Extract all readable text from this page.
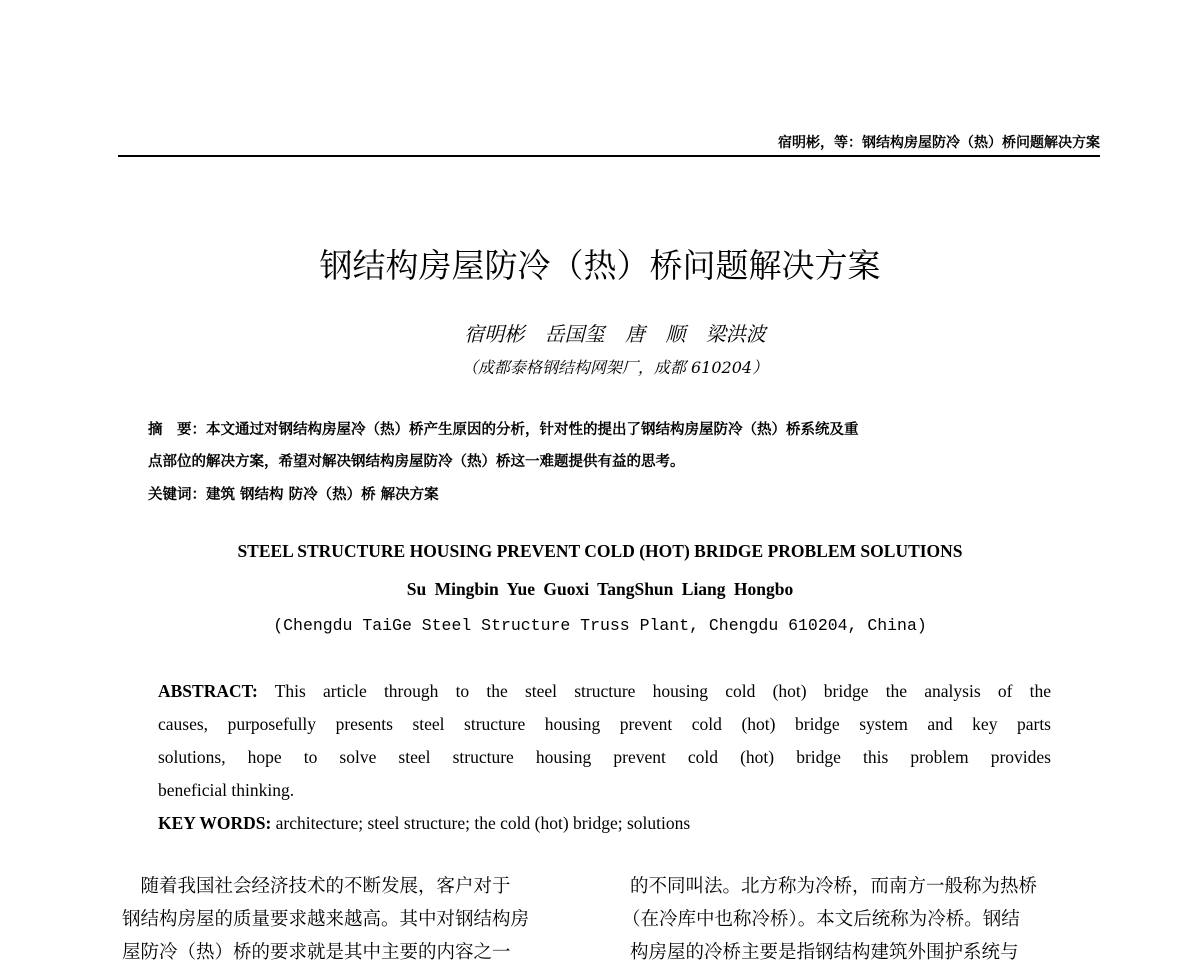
宿明彬，等：钢结构房屋防冷（热）桥问题解决方案
钢结构房屋防冷（热）桥问题解决方案
宿明彬 岳国玺 唐 顺 梁洪波
（成都泰格钢结构网架厂，成都 610204）
摘　要：本文通过对钢结构房屋冷（热）桥产生原因的分析，针对性的提出了钢结构房屋防冷（热）桥系统及重
点部位的解决方案，希望对解决钢结构房屋防冷（热）桥这一难题提供有益的思考。
关键词：建筑 钢结构 防冷（热）桥 解决方案
STEEL STRUCTURE HOUSING PREVENT COLD (HOT) BRIDGE PROBLEM SOLUTIONS
Su Mingbin Yue Guoxi TangShun Liang Hongbo
(Chengdu TaiGe Steel Structure Truss Plant, Chengdu 610204, China)
ABSTRACT: This article through to the steel structure housing cold (hot) bridge the analysis of the
causes, purposefully presents steel structure housing prevent cold (hot) bridge system and key parts
solutions, hope to solve steel structure housing prevent cold (hot) bridge this problem provides
beneficial thinking.
KEY WORDS: architecture; steel structure; the cold (hot) bridge; solutions
　随着我国社会经济技术的不断发展，客户对于
钢结构房屋的质量要求越来越高。其中对钢结构房
屋防冷（热）桥的要求就是其中主要的内容之一
的不同叫法。北方称为冷桥，而南方一般称为热桥
（在冷库中也称冷桥）。本文后统称为冷桥。钢结
构房屋的冷桥主要是指钢结构建筑外围护系统与
